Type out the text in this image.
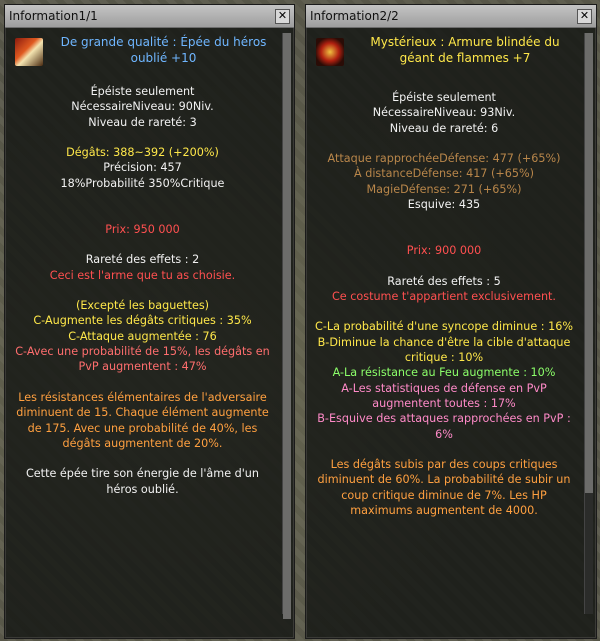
Information1/1	✕
De grande qualité : Épée du héros oublié +10
Épéiste seulement
NécessaireNiveau: 90Niv.
Niveau de rareté: 3
Dégâts: 388~392 (+200%)
Précision: 457
18%Probabilité 350%Critique
Prix: 950 000
Rareté des effets : 2
Ceci est l'arme que tu as choisie.
(Excepté les baguettes)
C-Augmente les dégâts critiques : 35%
C-Attaque augmentée : 76
C-Avec une probabilité de 15%, les dégâts en PvP augmentent : 47%
Les résistances élémentaires de l'adversaire diminuent de 15. Chaque élément augmente de 175. Avec une probabilité de 40%, les dégâts augmentent de 20%.
Cette épée tire son énergie de l'âme d'un héros oublié.
Information2/2	✕
Mystérieux : Armure blindée du géant de flammes +7
Épéiste seulement
NécessaireNiveau: 93Niv.
Niveau de rareté: 6
Attaque rapprochéeDéfense: 477 (+65%)
À distanceDéfense: 417 (+65%)
MagieDéfense: 271 (+65%)
Esquive: 435
Prix: 900 000
Rareté des effets : 5
Ce costume t'appartient exclusivement.
C-La probabilité d'une syncope diminue : 16%
B-Diminue la chance d'être la cible d'attaque critique : 10%
A-La résistance au Feu augmente : 10%
A-Les statistiques de défense en PvP augmentent toutes : 17%
B-Esquive des attaques rapprochées en PvP : 6%
Les dégâts subis par des coups critiques diminuent de 60%. La probabilité de subir un coup critique diminue de 7%. Les HP maximums augmentent de 4000.
